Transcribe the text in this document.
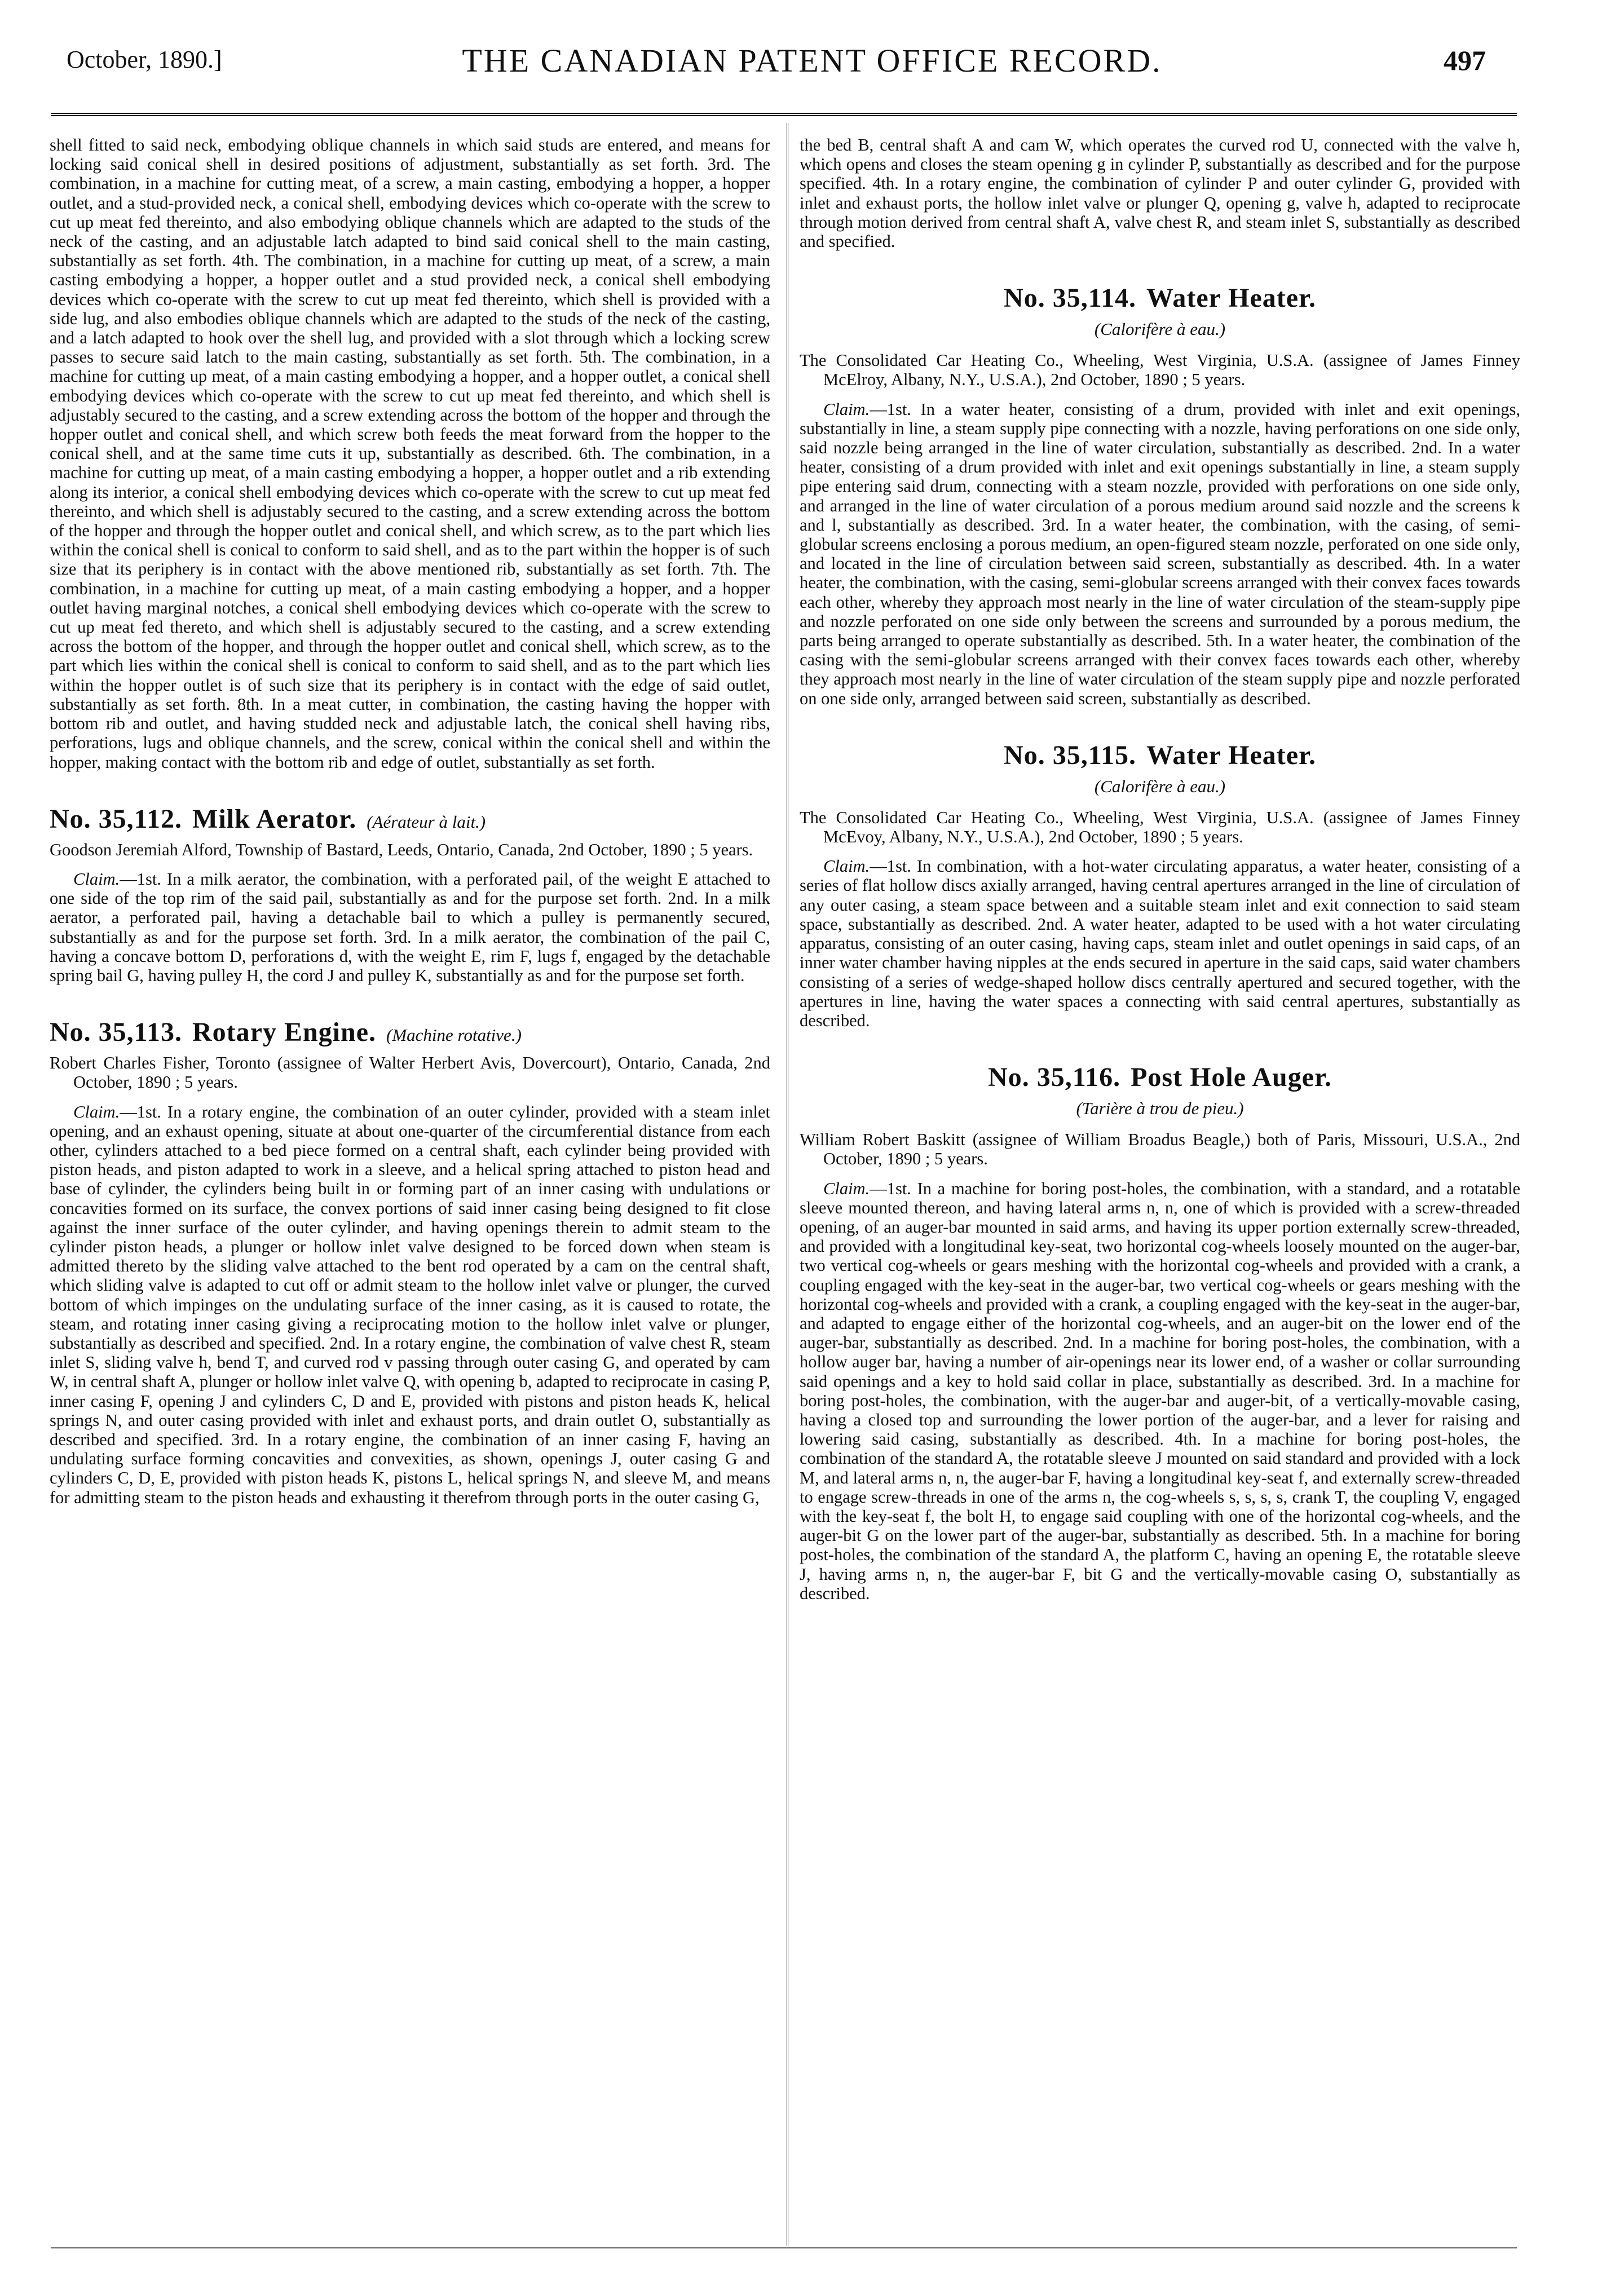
October, 1890.]	THE CANADIAN PATENT OFFICE RECORD.	497

shell fitted to said neck, embodying oblique channels in which said studs are entered, and means for locking said conical shell in desired positions of adjustment, substantially as set forth. 3rd. The combination, in a machine for cutting meat, of a screw, a main casting, embodying a hopper, a hopper outlet, and a stud-provided neck, a conical shell, embodying devices which co-operate with the screw to cut up meat fed thereinto, and also embodying oblique channels which are adapted to the studs of the neck of the casting, and an adjustable latch adapted to bind said conical shell to the main casting, substantially as set forth. 4th. The combination, in a machine for cutting up meat, of a screw, a main casting embodying a hopper, a hopper outlet and a stud provided neck, a conical shell embodying devices which co-operate with the screw to cut up meat fed thereinto, which shell is provided with a side lug, and also embodies oblique channels which are adapted to the studs of the neck of the casting, and a latch adapted to hook over the shell lug, and provided with a slot through which a locking screw passes to secure said latch to the main casting, substantially as set forth. 5th. The combination, in a machine for cutting up meat, of a main casting embodying a hopper, and a hopper outlet, a conical shell embodying devices which co-operate with the screw to cut up meat fed thereinto, and which shell is adjustably secured to the casting, and a screw extending across the bottom of the hopper and through the hopper outlet and conical shell, and which screw both feeds the meat forward from the hopper to the conical shell, and at the same time cuts it up, substantially as described. 6th. The combination, in a machine for cutting up meat, of a main casting embodying a hopper, a hopper outlet and a rib extending along its interior, a conical shell embodying devices which co-operate with the screw to cut up meat fed thereinto, and which shell is adjustably secured to the casting, and a screw extending across the bottom of the hopper and through the hopper outlet and conical shell, and which screw, as to the part which lies within the conical shell is conical to conform to said shell, and as to the part within the hopper is of such size that its periphery is in contact with the above mentioned rib, substantially as set forth. 7th. The combination, in a machine for cutting up meat, of a main casting embodying a hopper, and a hopper outlet having marginal notches, a conical shell embodying devices which co-operate with the screw to cut up meat fed thereto, and which shell is adjustably secured to the casting, and a screw extending across the bottom of the hopper, and through the hopper outlet and conical shell, which screw, as to the part which lies within the conical shell is conical to conform to said shell, and as to the part which lies within the hopper outlet is of such size that its periphery is in contact with the edge of said outlet, substantially as set forth. 8th. In a meat cutter, in combination, the casting having the hopper with bottom rib and outlet, and having studded neck and adjustable latch, the conical shell having ribs, perforations, lugs and oblique channels, and the screw, conical within the conical shell and within the hopper, making contact with the bottom rib and edge of outlet, substantially as set forth.

No. 35,112. Milk Aerator. (Aérateur à lait.)

Goodson Jeremiah Alford, Township of Bastard, Leeds, Ontario, Canada, 2nd October, 1890 ; 5 years.

Claim.—1st. In a milk aerator, the combination, with a perforated pail, of the weight E attached to one side of the top rim of the said pail, substantially as and for the purpose set forth. 2nd. In a milk aerator, a perforated pail, having a detachable bail to which a pulley is permanently secured, substantially as and for the purpose set forth. 3rd. In a milk aerator, the combination of the pail C, having a concave bottom D, perforations d, with the weight E, rim F, lugs f, engaged by the detachable spring bail G, having pulley H, the cord J and pulley K, substantially as and for the purpose set forth.

No. 35,113. Rotary Engine. (Machine rotative.)

Robert Charles Fisher, Toronto (assignee of Walter Herbert Avis, Dovercourt), Ontario, Canada, 2nd October, 1890 ; 5 years.

Claim.—1st. In a rotary engine, the combination of an outer cylinder, provided with a steam inlet opening, and an exhaust opening, situate at about one-quarter of the circumferential distance from each other, cylinders attached to a bed piece formed on a central shaft, each cylinder being provided with piston heads, and piston adapted to work in a sleeve, and a helical spring attached to piston head and base of cylinder, the cylinders being built in or forming part of an inner casing with undulations or concavities formed on its surface, the convex portions of said inner casing being designed to fit close against the inner surface of the outer cylinder, and having openings therein to admit steam to the cylinder piston heads, a plunger or hollow inlet valve designed to be forced down when steam is admitted thereto by the sliding valve attached to the bent rod operated by a cam on the central shaft, which sliding valve is adapted to cut off or admit steam to the hollow inlet valve or plunger, the curved bottom of which impinges on the undulating surface of the inner casing, as it is caused to rotate, the steam, and rotating inner casing giving a reciprocating motion to the hollow inlet valve or plunger, substantially as described and specified. 2nd. In a rotary engine, the combination of valve chest R, steam inlet S, sliding valve h, bend T, and curved rod v passing through outer casing G, and operated by cam W, in central shaft A, plunger or hollow inlet valve Q, with opening b, adapted to reciprocate in casing P, inner casing F, opening J and cylinders C, D and E, provided with pistons and piston heads K, helical springs N, and outer casing provided with inlet and exhaust ports, and drain outlet O, substantially as described and specified. 3rd. In a rotary engine, the combination of an inner casing F, having an undulating surface forming concavities and convexities, as shown, openings J, outer casing G and cylinders C, D, E, provided with piston heads K, pistons L, helical springs N, and sleeve M, and means for admitting steam to the piston heads and exhausting it therefrom through ports in the outer casing G,

the bed B, central shaft A and cam W, which operates the curved rod U, connected with the valve h, which opens and closes the steam opening g in cylinder P, substantially as described and for the purpose specified. 4th. In a rotary engine, the combination of cylinder P and outer cylinder G, provided with inlet and exhaust ports, the hollow inlet valve or plunger Q, opening g, valve h, adapted to reciprocate through motion derived from central shaft A, valve chest R, and steam inlet S, substantially as described and specified.

No. 35,114. Water Heater.
(Calorifère à eau.)

The Consolidated Car Heating Co., Wheeling, West Virginia, U.S.A. (assignee of James Finney McElroy, Albany, N.Y., U.S.A.), 2nd October, 1890 ; 5 years.

Claim.—1st. In a water heater, consisting of a drum, provided with inlet and exit openings, substantially in line, a steam supply pipe connecting with a nozzle, having perforations on one side only, said nozzle being arranged in the line of water circulation, substantially as described. 2nd. In a water heater, consisting of a drum provided with inlet and exit openings substantially in line, a steam supply pipe entering said drum, connecting with a steam nozzle, provided with perforations on one side only, and arranged in the line of water circulation of a porous medium around said nozzle and the screens k and l, substantially as described. 3rd. In a water heater, the combination, with the casing, of semi-globular screens enclosing a porous medium, an open-figured steam nozzle, perforated on one side only, and located in the line of circulation between said screen, substantially as described. 4th. In a water heater, the combination, with the casing, semi-globular screens arranged with their convex faces towards each other, whereby they approach most nearly in the line of water circulation of the steam-supply pipe and nozzle perforated on one side only between the screens and surrounded by a porous medium, the parts being arranged to operate substantially as described. 5th. In a water heater, the combination of the casing with the semi-globular screens arranged with their convex faces towards each other, whereby they approach most nearly in the line of water circulation of the steam supply pipe and nozzle perforated on one side only, arranged between said screen, substantially as described.

No. 35,115. Water Heater.
(Calorifère à eau.)

The Consolidated Car Heating Co., Wheeling, West Virginia, U.S.A. (assignee of James Finney McEvoy, Albany, N.Y., U.S.A.), 2nd October, 1890 ; 5 years.

Claim.—1st. In combination, with a hot-water circulating apparatus, a water heater, consisting of a series of flat hollow discs axially arranged, having central apertures arranged in the line of circulation of any outer casing, a steam space between and a suitable steam inlet and exit connection to said steam space, substantially as described. 2nd. A water heater, adapted to be used with a hot water circulating apparatus, consisting of an outer casing, having caps, steam inlet and outlet openings in said caps, of an inner water chamber having nipples at the ends secured in aperture in the said caps, said water chambers consisting of a series of wedge-shaped hollow discs centrally apertured and secured together, with the apertures in line, having the water spaces a connecting with said central apertures, substantially as described.

No. 35,116. Post Hole Auger.
(Tarière à trou de pieu.)

William Robert Baskitt (assignee of William Broadus Beagle,) both of Paris, Missouri, U.S.A., 2nd October, 1890 ; 5 years.

Claim.—1st. In a machine for boring post-holes, the combination, with a standard, and a rotatable sleeve mounted thereon, and having lateral arms n, n, one of which is provided with a screw-threaded opening, of an auger-bar mounted in said arms, and having its upper portion externally screw-threaded, and provided with a longitudinal key-seat, two horizontal cog-wheels loosely mounted on the auger-bar, two vertical cog-wheels or gears meshing with the horizontal cog-wheels and provided with a crank, a coupling engaged with the key-seat in the auger-bar, two vertical cog-wheels or gears meshing with the horizontal cog-wheels and provided with a crank, a coupling engaged with the key-seat in the auger-bar, and adapted to engage either of the horizontal cog-wheels, and an auger-bit on the lower end of the auger-bar, substantially as described. 2nd. In a machine for boring post-holes, the combination, with a hollow auger bar, having a number of air-openings near its lower end, of a washer or collar surrounding said openings and a key to hold said collar in place, substantially as described. 3rd. In a machine for boring post-holes, the combination, with the auger-bar and auger-bit, of a vertically-movable casing, having a closed top and surrounding the lower portion of the auger-bar, and a lever for raising and lowering said casing, substantially as described. 4th. In a machine for boring post-holes, the combination of the standard A, the rotatable sleeve J mounted on said standard and provided with a lock M, and lateral arms n, n, the auger-bar F, having a longitudinal key-seat f, and externally screw-threaded to engage screw-threads in one of the arms n, the cog-wheels s, s, s, s, crank T, the coupling V, engaged with the key-seat f, the bolt H, to engage said coupling with one of the horizontal cog-wheels, and the auger-bit G on the lower part of the auger-bar, substantially as described. 5th. In a machine for boring post-holes, the combination of the standard A, the platform C, having an opening E, the rotatable sleeve J, having arms n, n, the auger-bar F, bit G and the vertically-movable casing O, substantially as described.
